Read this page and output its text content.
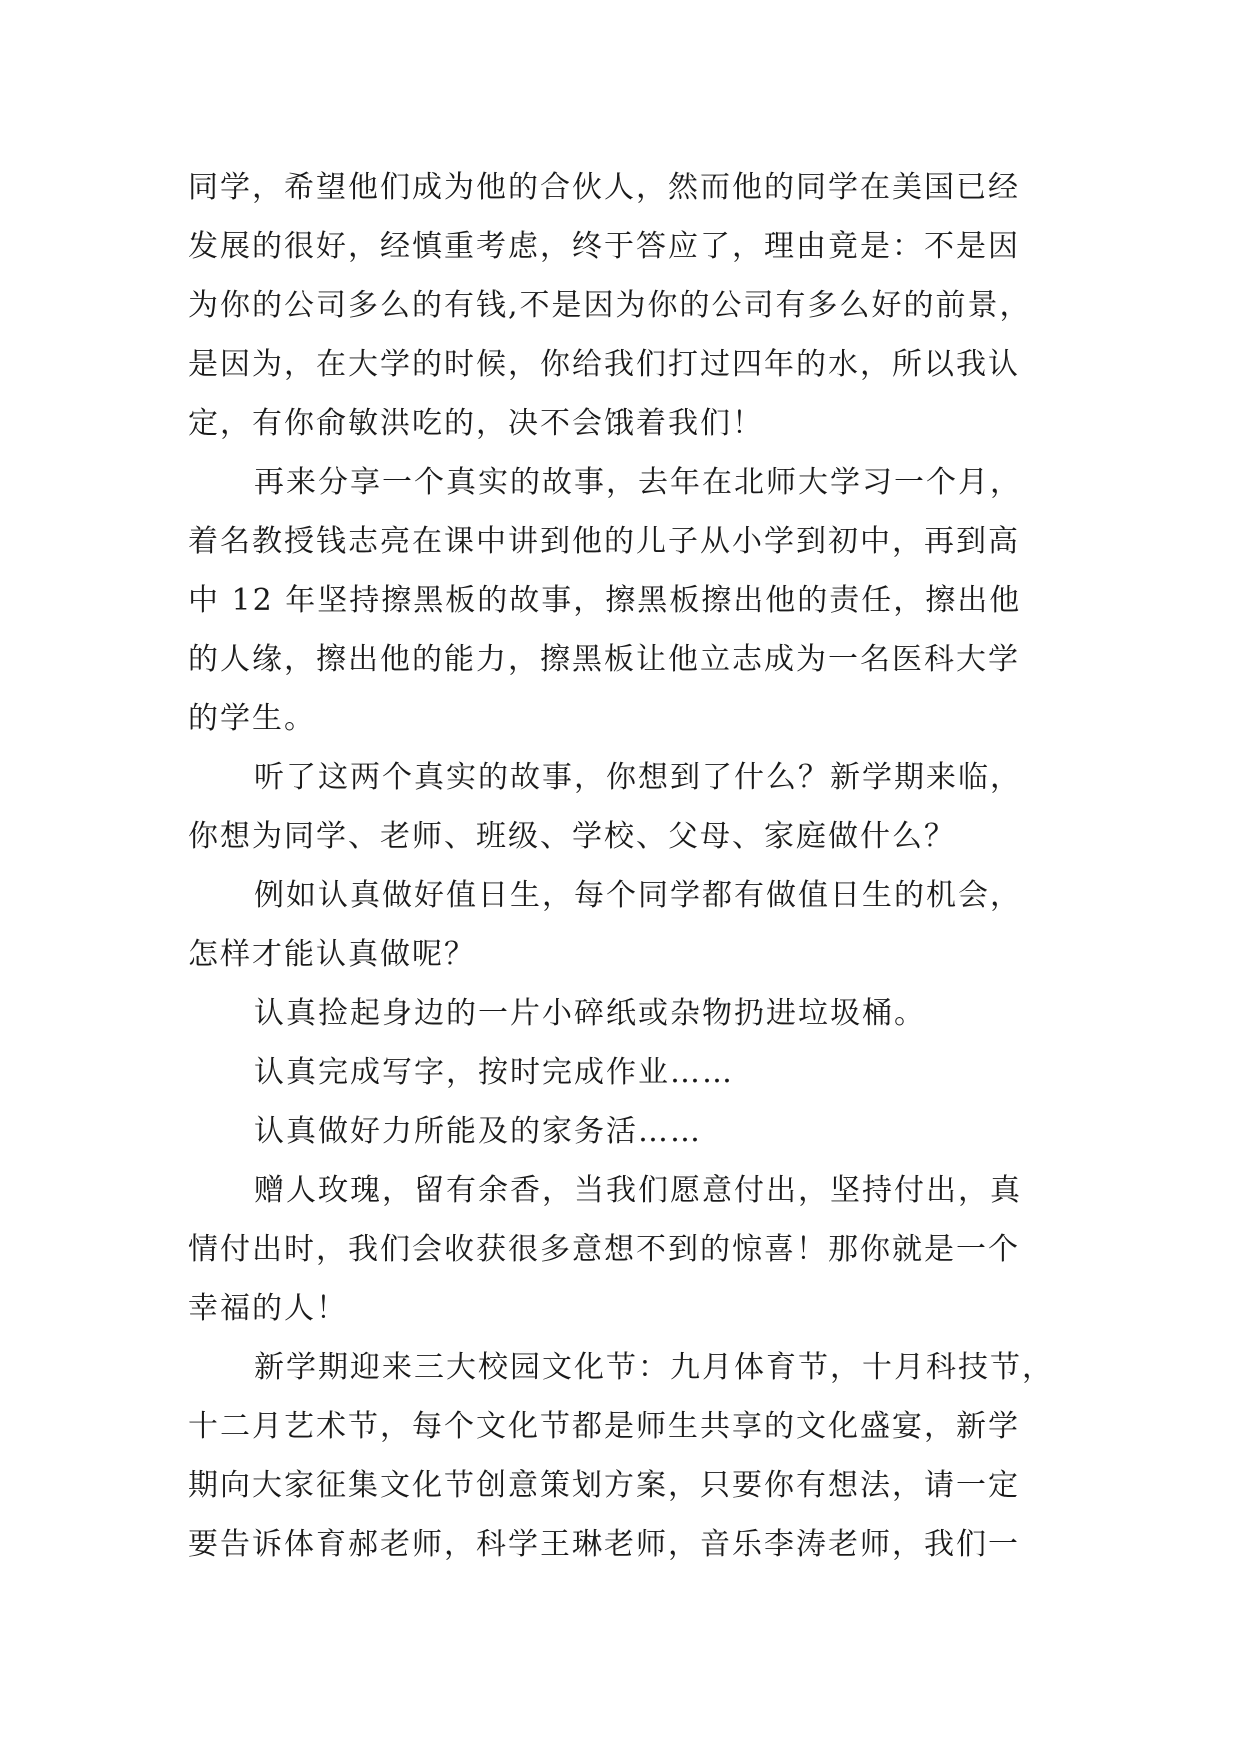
同学，希望他们成为他的合伙人，然而他的同学在美国已经
发展的很好，经慎重考虑，终于答应了，理由竟是：不是因
为你的公司多么的有钱,不是因为你的公司有多么好的前景，
是因为，在大学的时候，你给我们打过四年的水，所以我认
定，有你俞敏洪吃的，决不会饿着我们！
再来分享一个真实的故事，去年在北师大学习一个月，
着名教授钱志亮在课中讲到他的儿子从小学到初中，再到高
中 12 年坚持擦黑板的故事，擦黑板擦出他的责任，擦出他
的人缘，擦出他的能力，擦黑板让他立志成为一名医科大学
的学生。
听了这两个真实的故事，你想到了什么？新学期来临，
你想为同学、老师、班级、学校、父母、家庭做什么？
例如认真做好值日生，每个同学都有做值日生的机会，
怎样才能认真做呢？
认真捡起身边的一片小碎纸或杂物扔进垃圾桶。
认真完成写字，按时完成作业……
认真做好力所能及的家务活……
赠人玫瑰，留有余香，当我们愿意付出，坚持付出，真
情付出时，我们会收获很多意想不到的惊喜！那你就是一个
幸福的人！
新学期迎来三大校园文化节：九月体育节，十月科技节，
十二月艺术节，每个文化节都是师生共享的文化盛宴，新学
期向大家征集文化节创意策划方案，只要你有想法，请一定
要告诉体育郝老师，科学王琳老师，音乐李涛老师，我们一
